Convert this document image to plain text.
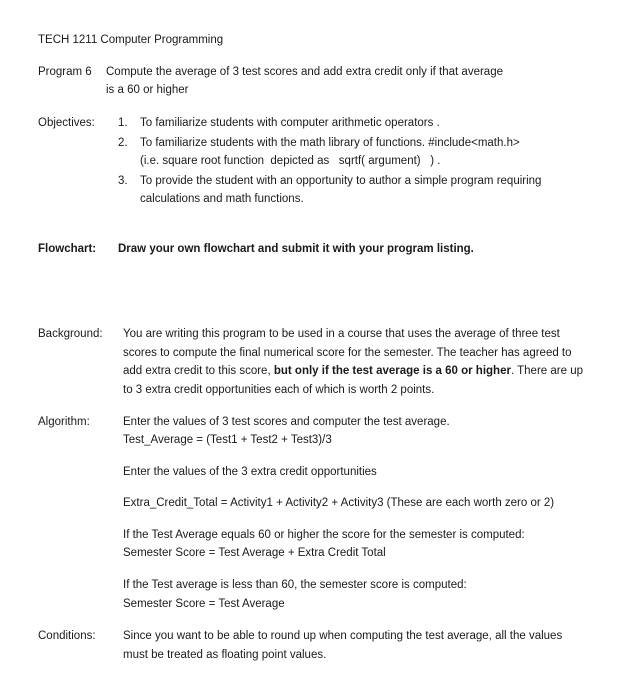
TECH 1211 Computer Programming
Program 6 Compute the average of 3 test scores and add extra credit only if that average
is a 60 or higher
Objectives: 1. To familiarize students with computer arithmetic operators .
2. To familiarize students with the math library of functions. #include<math.h>
(i.e. square root function  depicted as   sqrtf( argument)   ) .
3. To provide the student with an opportunity to author a simple program requiring
calculations and math functions.
Flowchart: Draw your own flowchart and submit it with your program listing.
Background: You are writing this program to be used in a course that uses the average of three test
scores to compute the final numerical score for the semester. The teacher has agreed to
add extra credit to this score, but only if the test average is a 60 or higher. There are up
to 3 extra credit opportunities each of which is worth 2 points.
Algorithm:	Enter the values of 3 test scores and computer the test average.
Test_Average = (Test1 + Test2 + Test3)/3
Enter the values of the 3 extra credit opportunities
Extra_Credit_Total = Activity1 + Activity2 + Activity3 (These are each worth zero or 2)
If the Test Average equals 60 or higher the score for the semester is computed:
Semester Score = Test Average + Extra Credit Total
If the Test average is less than 60, the semester score is computed:
Semester Score = Test Average
Conditions: Since you want to be able to round up when computing the test average, all the values
must be treated as floating point values.
